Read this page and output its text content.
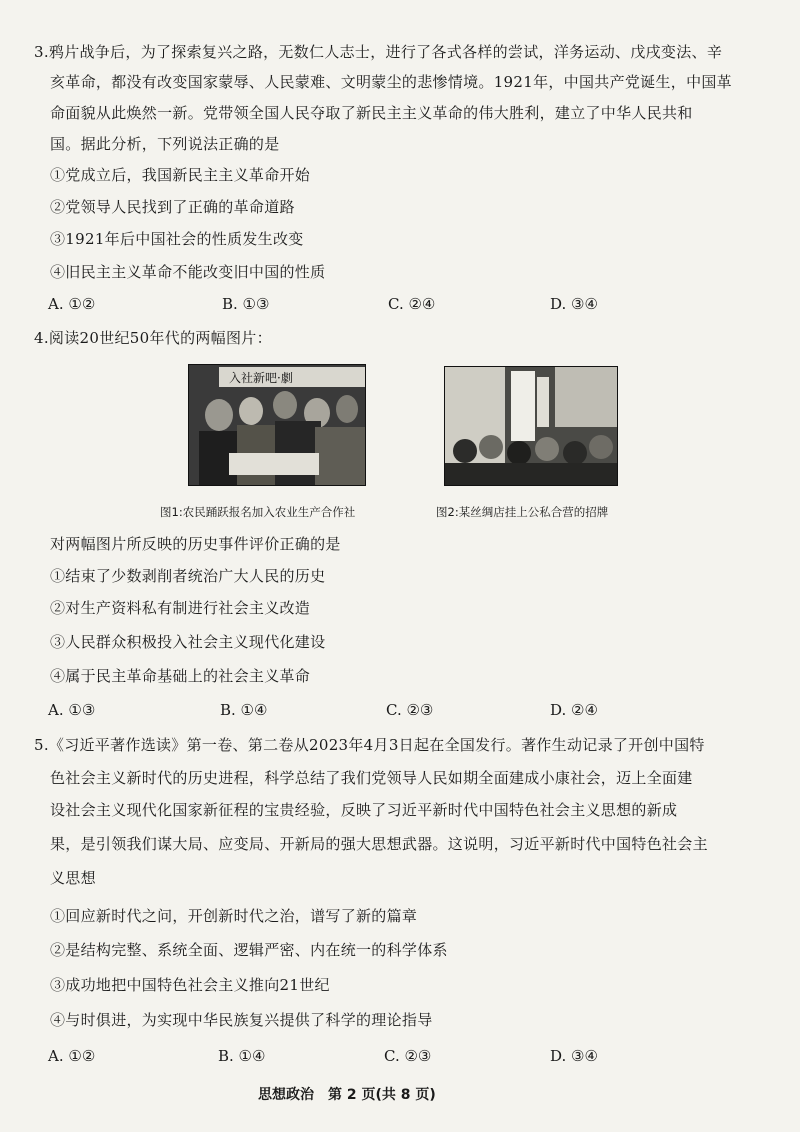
3.鸦片战争后，为了探索复兴之路，无数仁人志士，进行了各式各样的尝试，洋务运动、戊戌变法、辛
亥革命，都没有改变国家蒙辱、人民蒙难、文明蒙尘的悲惨情境。1921年，中国共产党诞生，中国革
命面貌从此焕然一新。党带领全国人民夺取了新民主主义革命的伟大胜利，建立了中华人民共和
国。据此分析，下列说法正确的是
①党成立后，我国新民主主义革命开始
②党领导人民找到了正确的革命道路
③1921年后中国社会的性质发生改变
④旧民主主义革命不能改变旧中国的性质
A. ①②	B. ①③	C. ②④	D. ③④
4.阅读20世纪50年代的两幅图片：
入社新吧·劇
图1:农民踊跃报名加入农业生产合作社	图2:某丝绸店挂上公私合营的招牌
对两幅图片所反映的历史事件评价正确的是
①结束了少数剥削者统治广大人民的历史
②对生产资料私有制进行社会主义改造
③人民群众积极投入社会主义现代化建设
④属于民主革命基础上的社会主义革命
A. ①③	B. ①④	C. ②③	D. ②④
5.《习近平著作选读》第一卷、第二卷从2023年4月3日起在全国发行。著作生动记录了开创中国特
色社会主义新时代的历史进程，科学总结了我们党领导人民如期全面建成小康社会，迈上全面建
设社会主义现代化国家新征程的宝贵经验，反映了习近平新时代中国特色社会主义思想的新成
果，是引领我们谋大局、应变局、开新局的强大思想武器。这说明，习近平新时代中国特色社会主
义思想
①回应新时代之问，开创新时代之治，谱写了新的篇章
②是结构完整、系统全面、逻辑严密、内在统一的科学体系
③成功地把中国特色社会主义推向21世纪
④与时俱进，为实现中华民族复兴提供了科学的理论指导
A. ①②	B. ①④	C. ②③	D. ③④
思想政治　第 2 页(共 8 页)
